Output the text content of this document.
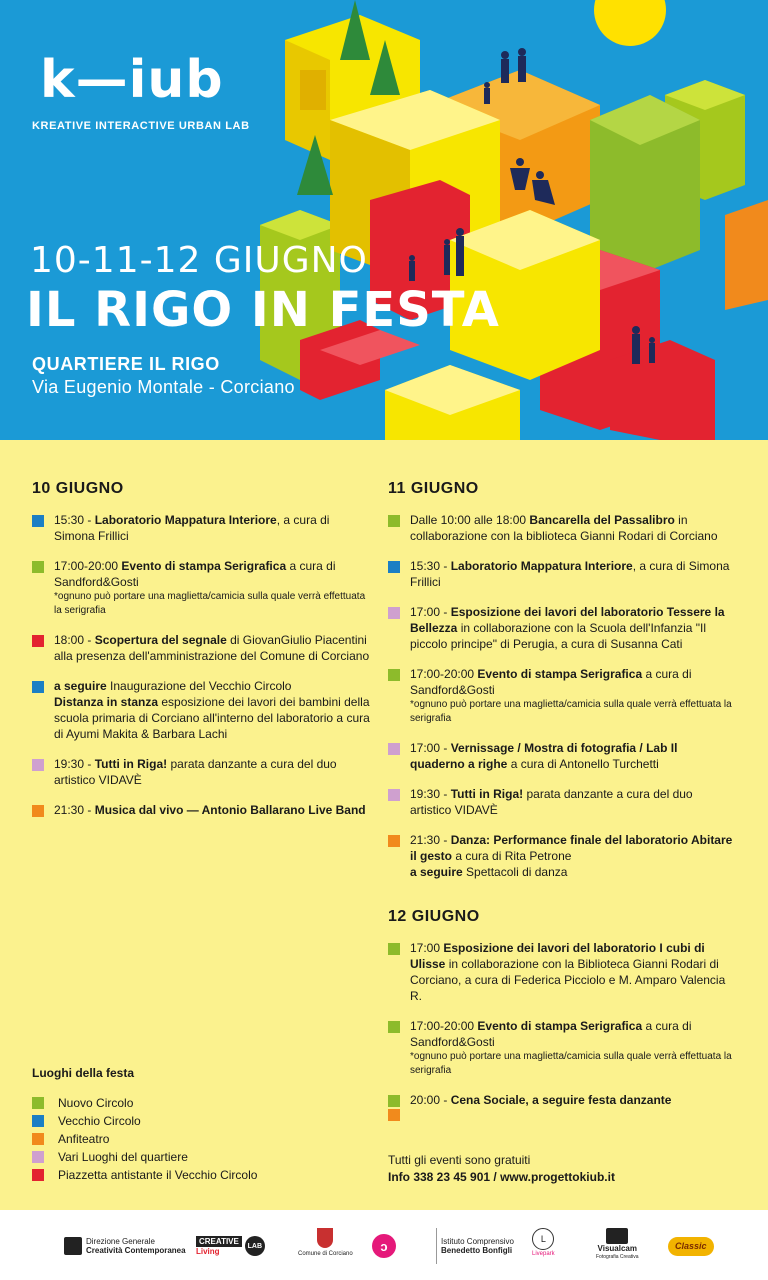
k—iub
KREATIVE INTERACTIVE URBAN LAB
10-11-12 GIUGNO
IL RIGO IN FESTA
QUARTIERE IL RIGO
Via Eugenio Montale - Corciano
10 GIUGNO
15:30 - Laboratorio Mappatura Interiore, a cura di Simona Frillici
17:00-20:00 Evento di stampa Serigrafica a cura di Sandford&Gosti
*ognuno può portare una maglietta/camicia sulla quale verrà effettuata la serigrafia
18:00 - Scopertura del segnale di GiovanGiulio Piacentini alla presenza dell'amministrazione del Comune di Corciano
a seguire Inaugurazione del Vecchio Circolo
Distanza in stanza esposizione dei lavori dei bambini della scuola primaria di Corciano all'interno del laboratorio a cura di Ayumi Makita & Barbara Lachi
19:30 - Tutti in Riga! parata danzante a cura del duo artistico VIDAVÈ
21:30 - Musica dal vivo — Antonio Ballarano Live Band
11 GIUGNO
Dalle 10:00 alle 18:00 Bancarella del Passalibro in collaborazione con la biblioteca Gianni Rodari di Corciano
15:30 - Laboratorio Mappatura Interiore, a cura di Simona Frillici
17:00 - Esposizione dei lavori del laboratorio Tessere la Bellezza in collaborazione con la Scuola dell'Infanzia "Il piccolo principe" di Perugia, a cura di Susanna Cati
17:00-20:00 Evento di stampa Serigrafica a cura di Sandford&Gosti
*ognuno può portare una maglietta/camicia sulla quale verrà effettuata la serigrafia
17:00 - Vernissage / Mostra di fotografia / Lab Il quaderno a righe a cura di Antonello Turchetti
19:30 - Tutti in Riga! parata danzante a cura del duo artistico VIDAVÈ
21:30 - Danza: Performance finale del laboratorio Abitare il gesto a cura di Rita Petrone
a seguire Spettacoli di danza
12 GIUGNO
17:00 Esposizione dei lavori del laboratorio I cubi di Ulisse in collaborazione con la Biblioteca Gianni Rodari di Corciano, a cura di Federica Picciolo e M. Amparo Valencia R.
17:00-20:00 Evento di stampa Serigrafica a cura di Sandford&Gosti
*ognuno può portare una maglietta/camicia sulla quale verrà effettuata la serigrafia
20:00 - Cena Sociale, a seguire festa danzante
Luoghi della festa
Nuovo Circolo
Vecchio Circolo
Anfiteatro
Vari Luoghi del quartiere
Piazzetta antistante il Vecchio Circolo
Tutti gli eventi sono gratuiti
Info 338 23 45 901 / www.progettokiub.it
Direzione Generale
Creatività Contemporanea
CREATIVE
Living
LAB
Comune di Corciano
ↄ	Istituto Comprensivo
Benedetto Bonfigli
L
Livepark
Visualcam
Fotografia Creativa
Classic
